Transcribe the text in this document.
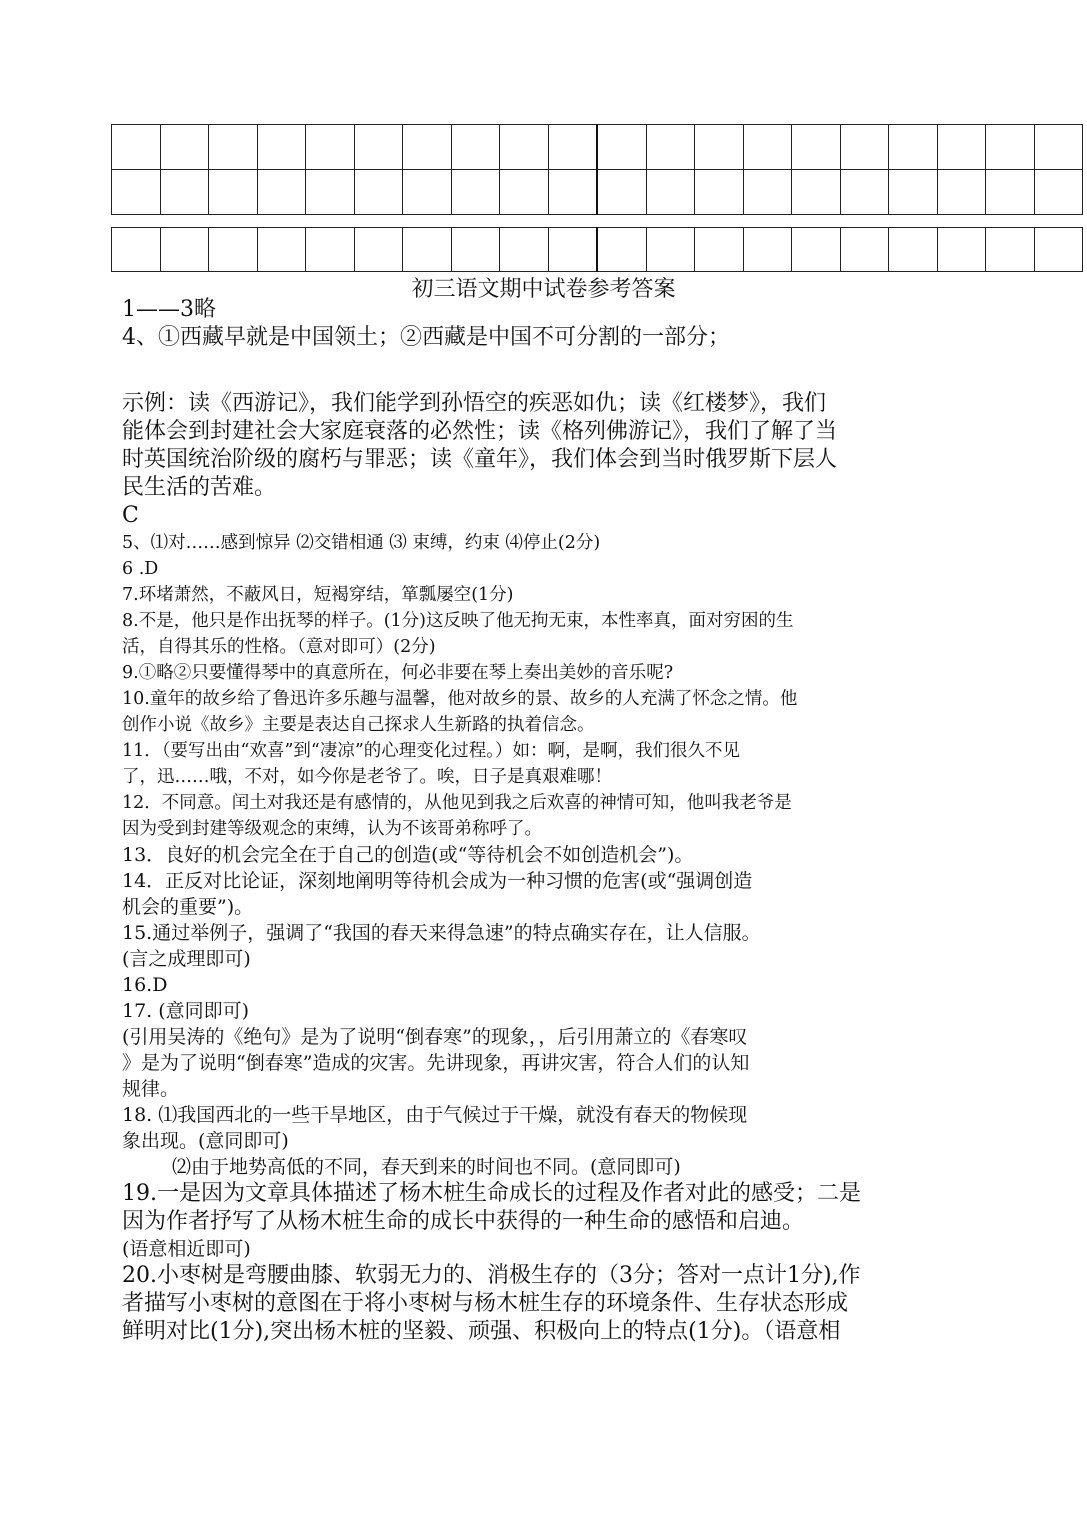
初三语文期中试卷参考答案

1——3略

4、①西藏早就是中国领土；②西藏是中国不可分割的一部分；

示例：读《西游记》，我们能学到孙悟空的疾恶如仇；读《红楼梦》，我们

能体会到封建社会大家庭衰落的必然性；读《格列佛游记》，我们了解了当

时英国统治阶级的腐朽与罪恶；读《童年》，我们体会到当时俄罗斯下层人

民生活的苦难。

C

5、⑴对……感到惊异 ⑵交错相通 ⑶ 束缚，约束 ⑷停止(2分)

6 .D

7.环堵萧然，不蔽风日，短褐穿结，箪瓢屡空(1分)

8.不是，他只是作出抚琴的样子。(1分)这反映了他无拘无束，本性率真，面对穷困的生

活，自得其乐的性格。（意对即可）(2分)

9.①略②只要懂得琴中的真意所在，何必非要在琴上奏出美妙的音乐呢?

10.童年的故乡给了鲁迅许多乐趣与温馨，他对故乡的景、故乡的人充满了怀念之情。他

创作小说《故乡》主要是表达自己探求人生新路的执着信念。

11．（要写出由“欢喜”到“凄凉”的心理变化过程。）如：啊，是啊，我们很久不见

了，迅……哦，不对，如今你是老爷了。唉，日子是真艰难哪！

12．不同意。闰土对我还是有感情的，从他见到我之后欢喜的神情可知，他叫我老爷是

因为受到封建等级观念的束缚，认为不该哥弟称呼了。

13．良好的机会完全在于自己的创造(或“等待机会不如创造机会”)。

14．正反对比论证，深刻地阐明等待机会成为一种习惯的危害(或“强调创造

机会的重要”)。

15.通过举例子，强调了“我国的春天来得急速”的特点确实存在，让人信服。

(言之成理即可)

16.D

17. (意同即可)

(引用吴涛的《绝句》是为了说明“倒春寒”的现象，，后引用萧立的《春寒叹

》是为了说明“倒春寒”造成的灾害。先讲现象，再讲灾害，符合人们的认知

规律。

18. ⑴我国西北的一些干旱地区，由于气候过于干燥，就没有春天的物候现

象出现。(意同即可)

⑵由于地势高低的不同，春天到来的时间也不同。(意同即可)

19.一是因为文章具体描述了杨木桩生命成长的过程及作者对此的感受；二是

因为作者抒写了从杨木桩生命的成长中获得的一种生命的感悟和启迪。

(语意相近即可)

20.小枣树是弯腰曲膝、软弱无力的、消极生存的（3分；答对一点计1分),作

者描写小枣树的意图在于将小枣树与杨木桩生存的环境条件、生存状态形成

鲜明对比(1分),突出杨木桩的坚毅、顽强、积极向上的特点(1分)。（语意相
